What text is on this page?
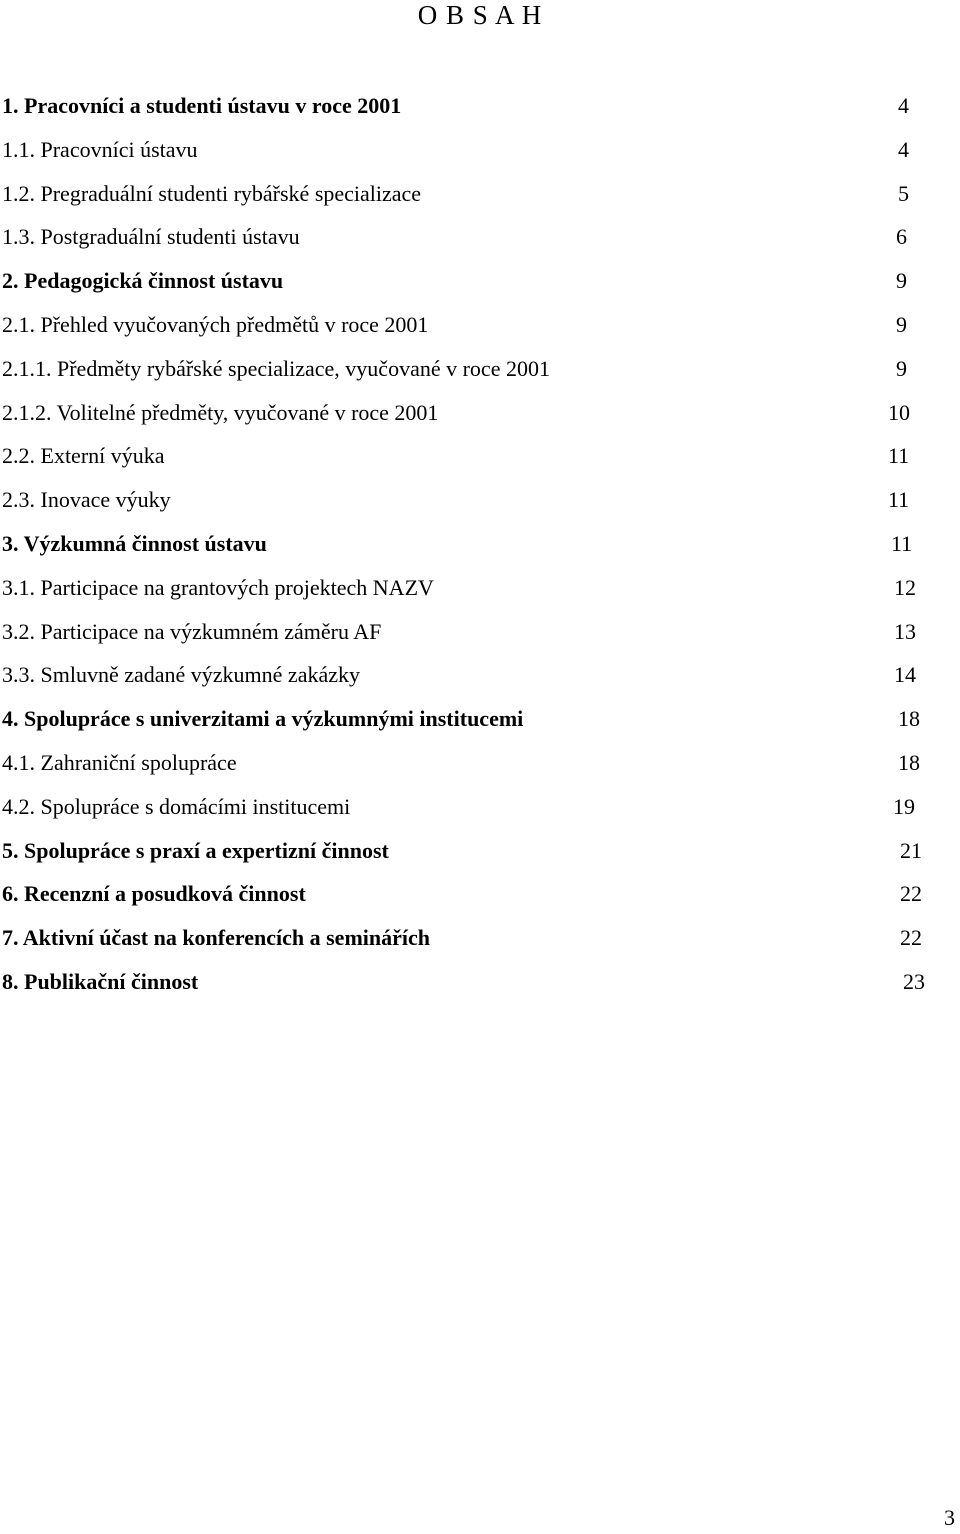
O B S A H
1. Pracovníci a studenti ústavu v roce 2001	4
1.1. Pracovníci ústavu	4
1.2. Pregraduální studenti rybářské specializace	5
1.3. Postgraduální studenti ústavu	6
2. Pedagogická činnost ústavu	9
2.1. Přehled vyučovaných předmětů v roce 2001	9
2.1.1. Předměty rybářské specializace, vyučované v roce 2001	9
2.1.2. Volitelné předměty, vyučované v roce 2001	10
2.2. Externí výuka	11
2.3. Inovace výuky	11
3. Výzkumná činnost ústavu	11
3.1. Participace na grantových projektech NAZV	12
3.2. Participace na výzkumném záměru AF	13
3.3. Smluvně zadané výzkumné zakázky	14
4. Spolupráce s univerzitami a výzkumnými institucemi	18
4.1. Zahraniční spolupráce	18
4.2. Spolupráce s domácími institucemi	19
5. Spolupráce s praxí a expertizní činnost	21
6. Recenzní a posudková činnost	22
7. Aktivní účast na konferencích a seminářích	22
8. Publikační činnost	23
3
